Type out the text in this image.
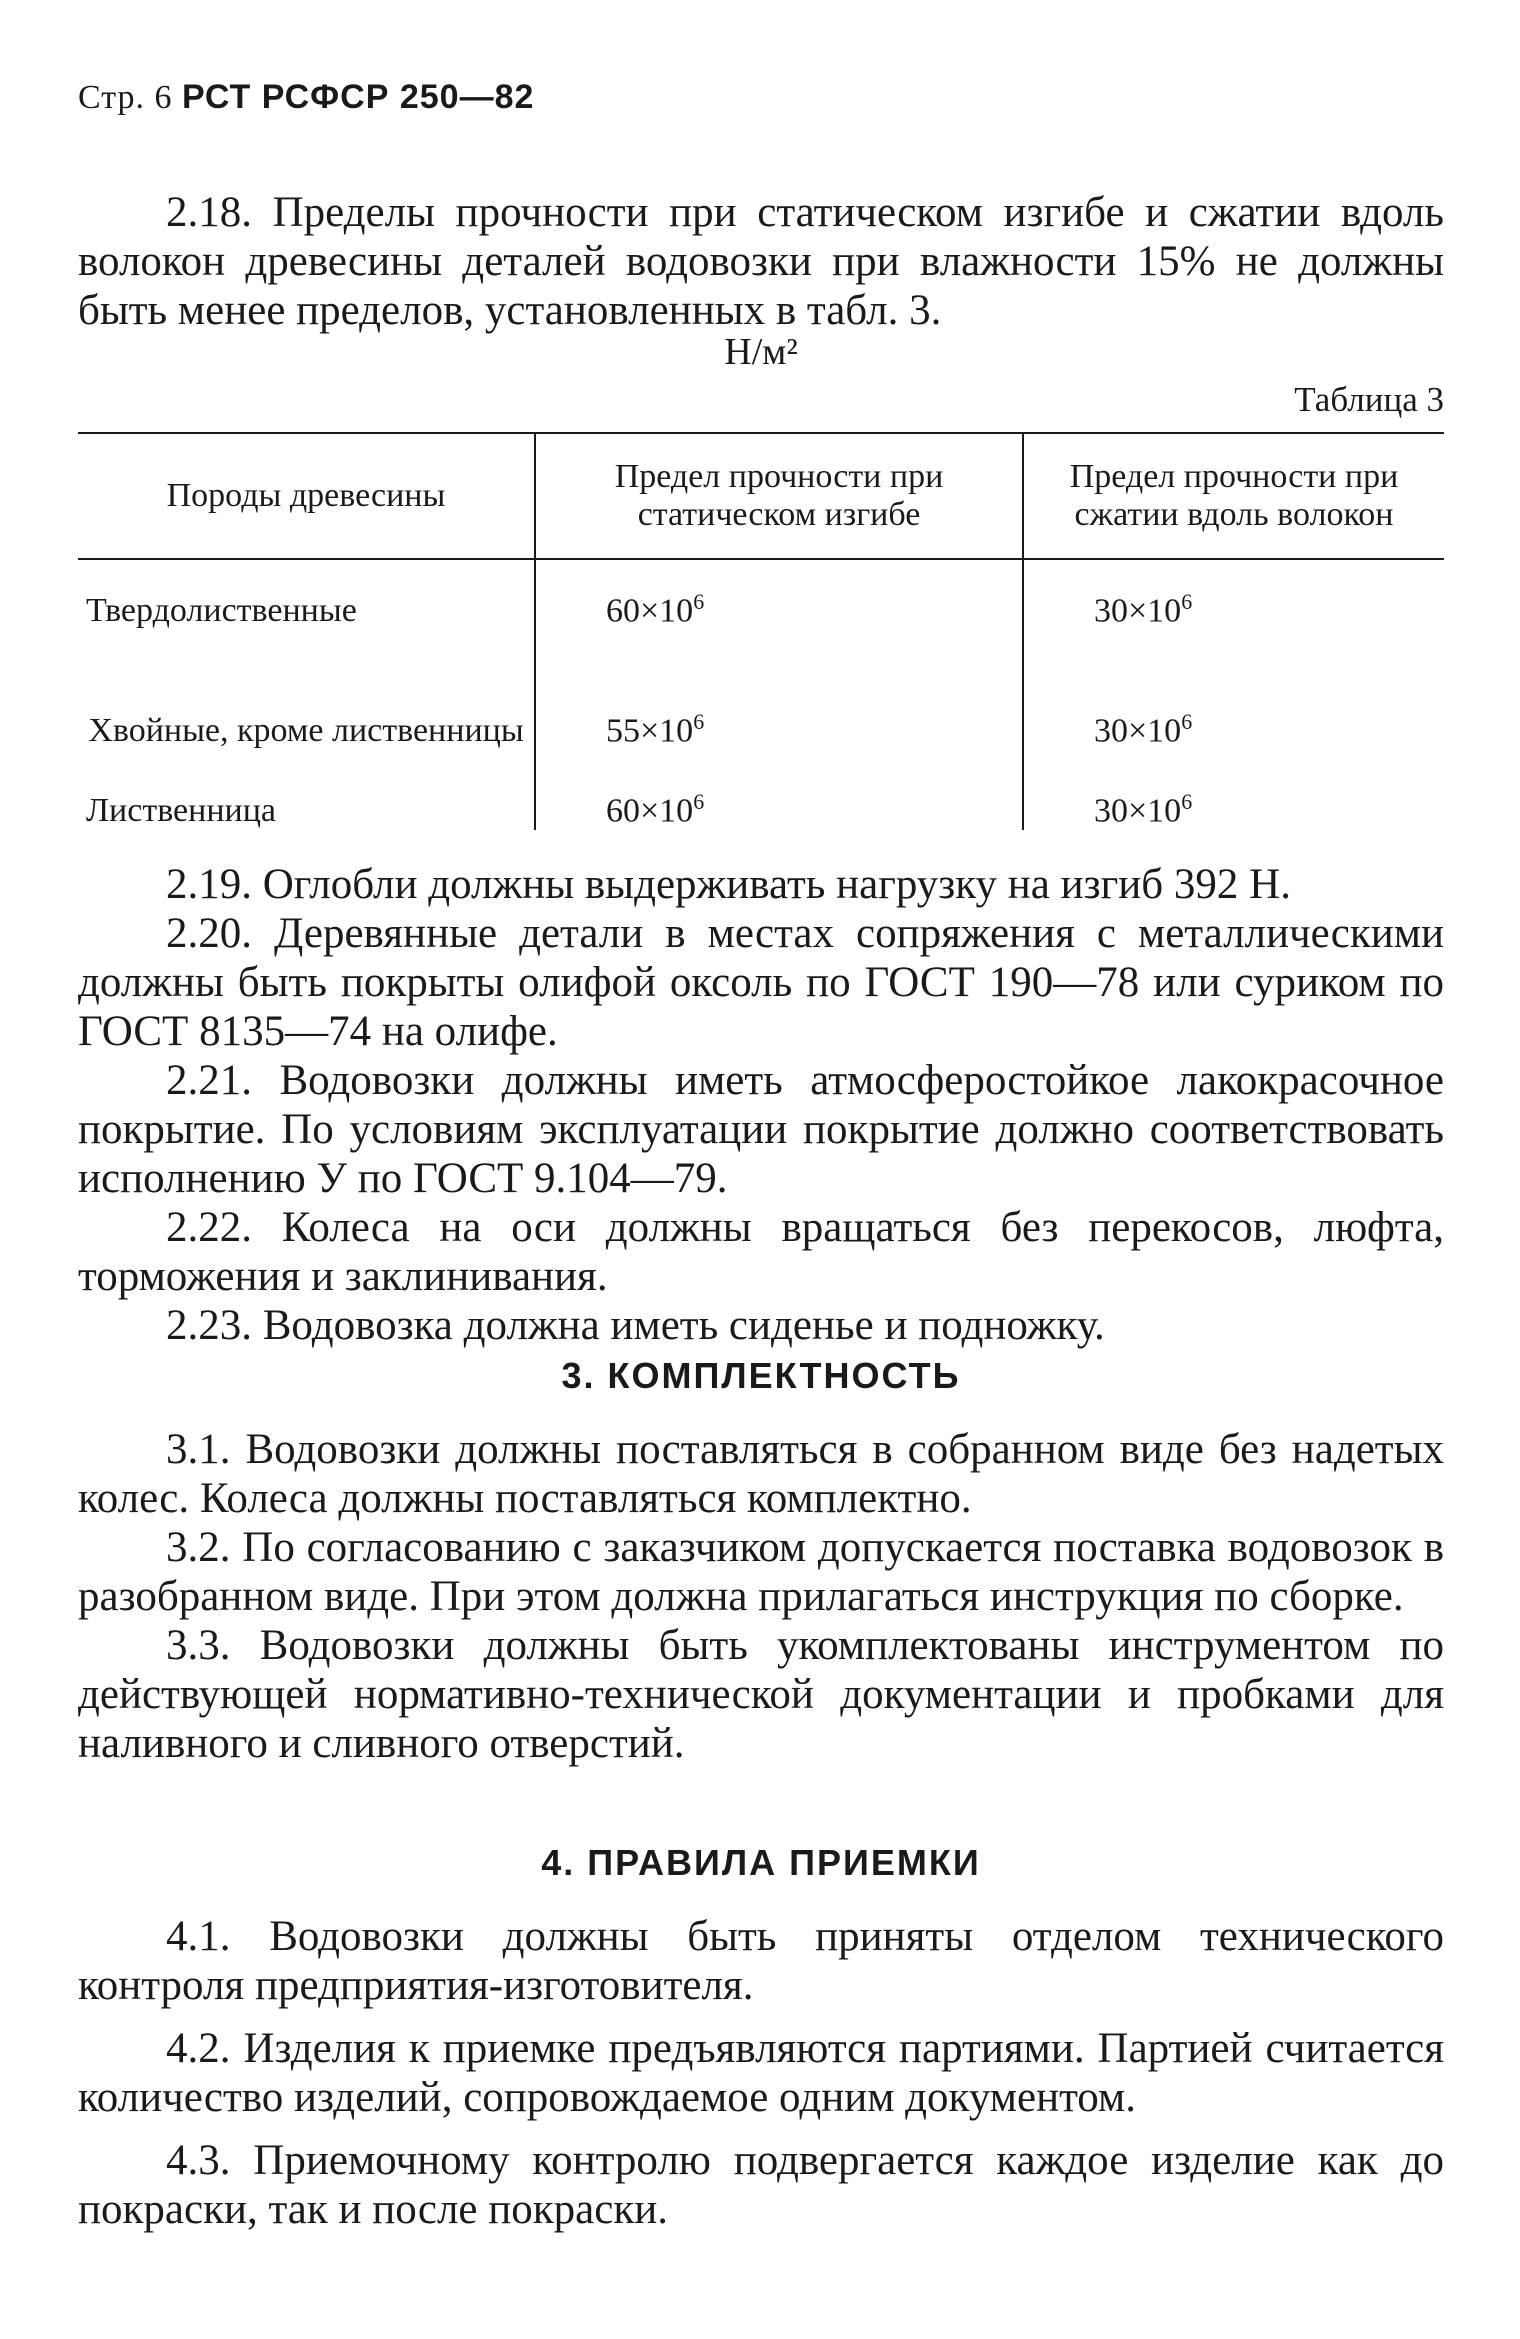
Стр. 6 РСТ РСФСР 250—82

2.18. Пределы прочности при статическом изгибе и сжатии вдоль волокон древесины деталей водовозки при влажности 15% не должны быть менее пределов, установленных в табл. 3.

Н/м²
Таблица 3
Породы древесины	Предел прочности при статическом изгибе	Предел прочности при сжатии вдоль волокон
Твердолиственные	$60\times 10^6$	$30\times 10^6$
Хвойные, кроме лиственницы	$55\times 10^6$	$30\times 10^6$
Лиственница	$60\times 10^6$	$30\times 10^6$

2.19. Оглобли должны выдерживать нагрузку на изгиб 392 Н.

2.20. Деревянные детали в местах сопряжения с металлическими должны быть покрыты олифой оксоль по ГОСТ 190—78 или суриком по ГОСТ 8135—74 на олифе.

2.21. Водовозки должны иметь атмосферостойкое лакокрасочное покрытие. По условиям эксплуатации покрытие должно соответствовать исполнению У по ГОСТ 9.104—79.

2.22. Колеса на оси должны вращаться без перекосов, люфта, торможения и заклинивания.

2.23. Водовозка должна иметь сиденье и подножку.

3. КОМПЛЕКТНОСТЬ

3.1. Водовозки должны поставляться в собранном виде без надетых колес. Колеса должны поставляться комплектно.

3.2. По согласованию с заказчиком допускается поставка водовозок в разобранном виде. При этом должна прилагаться инструкция по сборке.

3.3. Водовозки должны быть укомплектованы инструментом по действующей нормативно-технической документации и пробками для наливного и сливного отверстий.

4. ПРАВИЛА ПРИЕМКИ

4.1. Водовозки должны быть приняты отделом технического контроля предприятия-изготовителя.

4.2. Изделия к приемке предъявляются партиями. Партией считается количество изделий, сопровождаемое одним документом.

4.3. Приемочному контролю подвергается каждое изделие как до покраски, так и после покраски.
